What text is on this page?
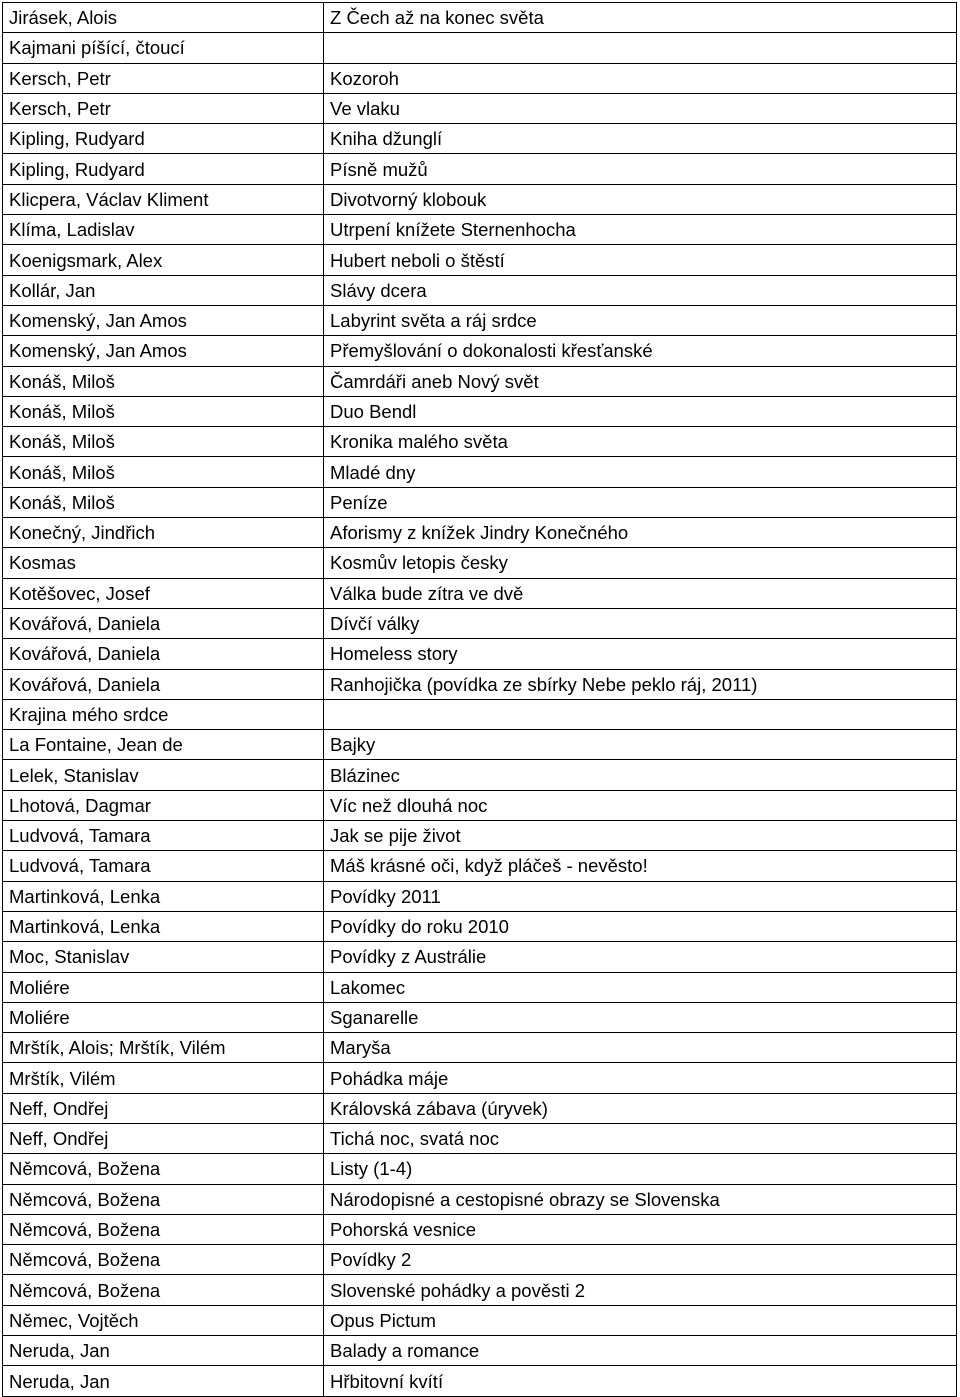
Jirásek, Alois	Z Čech až na konec světa
Kajmani píšící, čtoucí	
Kersch, Petr	Kozoroh
Kersch, Petr	Ve vlaku
Kipling, Rudyard	Kniha džunglí
Kipling, Rudyard	Písně mužů
Klicpera, Václav Kliment	Divotvorný klobouk
Klíma, Ladislav	Utrpení knížete Sternenhocha
Koenigsmark, Alex	Hubert neboli o štěstí
Kollár, Jan	Slávy dcera
Komenský, Jan Amos	Labyrint světa a ráj srdce
Komenský, Jan Amos	Přemyšlování o dokonalosti křesťanské
Konáš, Miloš	Čamrdáři aneb Nový svět
Konáš, Miloš	Duo Bendl
Konáš, Miloš	Kronika malého světa
Konáš, Miloš	Mladé dny
Konáš, Miloš	Peníze
Konečný, Jindřich	Aforismy z knížek Jindry Konečného
Kosmas	Kosmův letopis česky
Kotěšovec, Josef	Válka bude zítra ve dvě
Kovářová, Daniela	Dívčí války
Kovářová, Daniela	Homeless story
Kovářová, Daniela	Ranhojička (povídka ze sbírky Nebe peklo ráj, 2011)
Krajina mého srdce	
La Fontaine, Jean de	Bajky
Lelek, Stanislav	Blázinec
Lhotová, Dagmar	Víc než dlouhá noc
Ludvová, Tamara	Jak se pije život
Ludvová, Tamara	Máš krásné oči, když pláčeš - nevěsto!
Martinková, Lenka	Povídky 2011
Martinková, Lenka	Povídky do roku 2010
Moc, Stanislav	Povídky z Austrálie
Moliére	Lakomec
Moliére	Sganarelle
Mrštík, Alois; Mrštík, Vilém	Maryša
Mrštík, Vilém	Pohádka máje
Neff, Ondřej	Královská zábava (úryvek)
Neff, Ondřej	Tichá noc, svatá noc
Němcová, Božena	Listy (1-4)
Němcová, Božena	Národopisné a cestopisné obrazy se Slovenska
Němcová, Božena	Pohorská vesnice
Němcová, Božena	Povídky 2
Němcová, Božena	Slovenské pohádky a pověsti 2
Němec, Vojtěch	Opus Pictum
Neruda, Jan	Balady a romance
Neruda, Jan	Hřbitovní kvítí
